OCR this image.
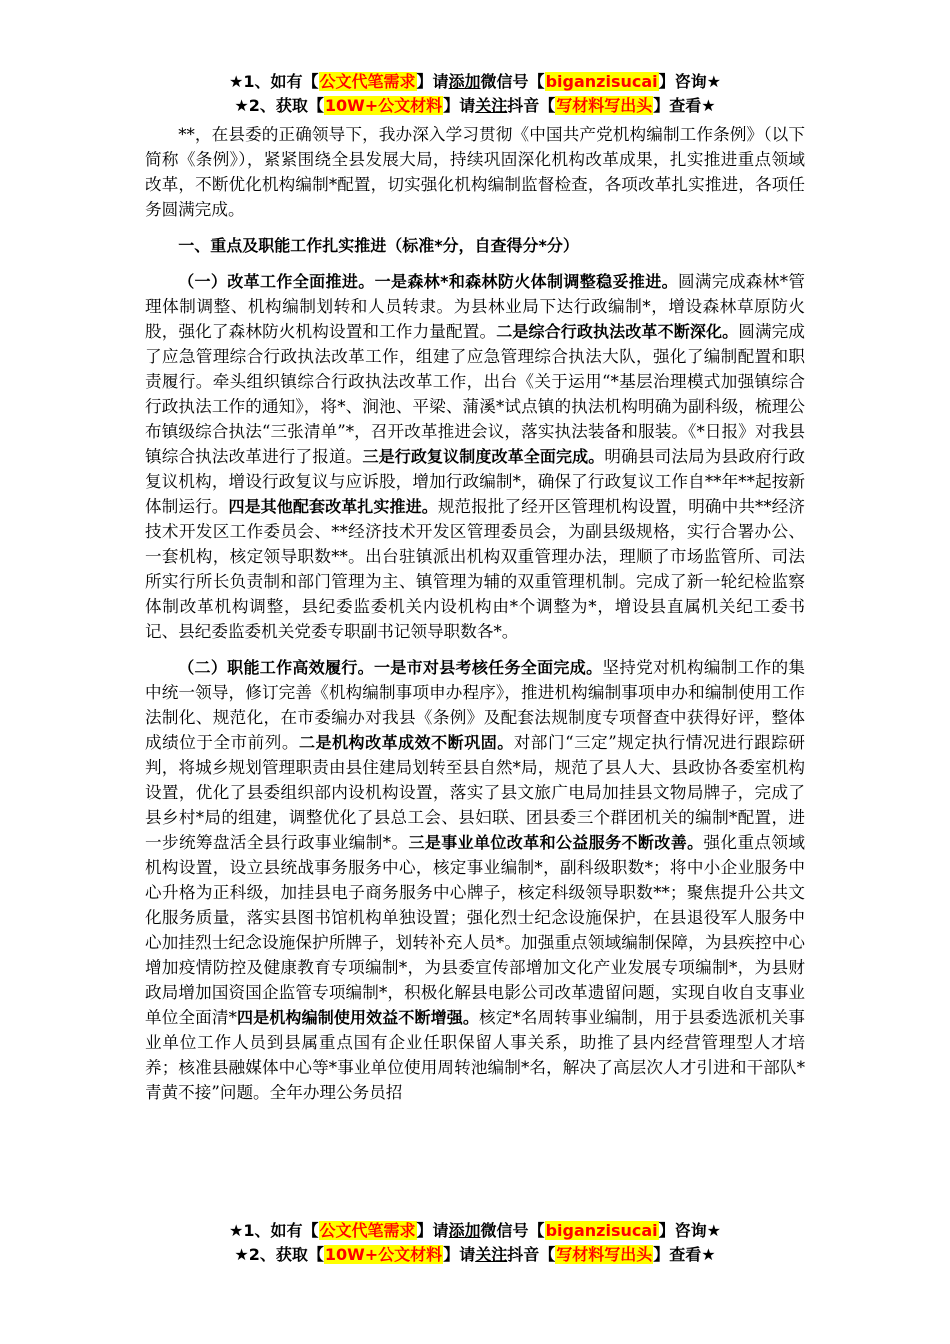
★1、如有【公文代笔需求】请添加微信号【biganzisucai】咨询★
★2、获取【10W+公文材料】请关注抖音【写材料写出头】查看★

**，在县委的正确领导下，我办深入学习贯彻《中国共产党机构编制工作条例》（以下简称《条例》），紧紧围绕全县发展大局，持续巩固深化机构改革成果，扎实推进重点领域改革，不断优化机构编制*配置，切实强化机构编制监督检查，各项改革扎实推进，各项任务圆满完成。

一、重点及职能工作扎实推进（标准*分，自查得分*分）

（一）改革工作全面推进。一是森林*和森林防火体制调整稳妥推进。圆满完成森林*管理体制调整、机构编制划转和人员转隶。为县林业局下达行政编制*，增设森林草原防火股，强化了森林防火机构设置和工作力量配置。二是综合行政执法改革不断深化。圆满完成了应急管理综合行政执法改革工作，组建了应急管理综合执法大队，强化了编制配置和职责履行。牵头组织镇综合行政执法改革工作，出台《关于运用“*基层治理模式加强镇综合行政执法工作的通知》，将*、涧池、平梁、蒲溪*试点镇的执法机构明确为副科级，梳理公布镇级综合执法“三张清单”*，召开改革推进会议，落实执法装备和服装。《*日报》对我县镇综合执法改革进行了报道。三是行政复议制度改革全面完成。明确县司法局为县政府行政复议机构，增设行政复议与应诉股，增加行政编制*，确保了行政复议工作自**年**起按新体制运行。四是其他配套改革扎实推进。规范报批了经开区管理机构设置，明确中共**经济技术开发区工作委员会、**经济技术开发区管理委员会，为副县级规格，实行合署办公、一套机构，核定领导职数**。出台驻镇派出机构双重管理办法，理顺了市场监管所、司法所实行所长负责制和部门管理为主、镇管理为辅的双重管理机制。完成了新一轮纪检监察体制改革机构调整，县纪委监委机关内设机构由*个调整为*，增设县直属机关纪工委书记、县纪委监委机关党委专职副书记领导职数各*。

（二）职能工作高效履行。一是市对县考核任务全面完成。坚持党对机构编制工作的集中统一领导，修订完善《机构编制事项申办程序》，推进机构编制事项申办和编制使用工作法制化、规范化，在市委编办对我县《条例》及配套法规制度专项督查中获得好评，整体成绩位于全市前列。二是机构改革成效不断巩固。对部门“三定”规定执行情况进行跟踪研判，将城乡规划管理职责由县住建局划转至县自然*局，规范了县人大、县政协各委室机构设置，优化了县委组织部内设机构设置，落实了县文旅广电局加挂县文物局牌子，完成了县乡村*局的组建，调整优化了县总工会、县妇联、团县委三个群团机关的编制*配置，进一步统筹盘活全县行政事业编制*。三是事业单位改革和公益服务不断改善。强化重点领域机构设置，设立县统战事务服务中心，核定事业编制*，副科级职数*；将中小企业服务中心升格为正科级，加挂县电子商务服务中心牌子，核定科级领导职数**；聚焦提升公共文化服务质量，落实县图书馆机构单独设置；强化烈士纪念设施保护，在县退役军人服务中心加挂烈士纪念设施保护所牌子，划转补充人员*。加强重点领域编制保障，为县疾控中心增加疫情防控及健康教育专项编制*，为县委宣传部增加文化产业发展专项编制*，为县财政局增加国资国企监管专项编制*，积极化解县电影公司改革遗留问题，实现自收自支事业单位全面清*四是机构编制使用效益不断增强。核定*名周转事业编制，用于县委选派机关事业单位工作人员到县属重点国有企业任职保留人事关系，助推了县内经营管理型人才培养；核准县融媒体中心等*事业单位使用周转池编制*名，解决了高层次人才引进和干部队*青黄不接”问题。全年办理公务员招

★1、如有【公文代笔需求】请添加微信号【biganzisucai】咨询★
★2、获取【10W+公文材料】请关注抖音【写材料写出头】查看★
